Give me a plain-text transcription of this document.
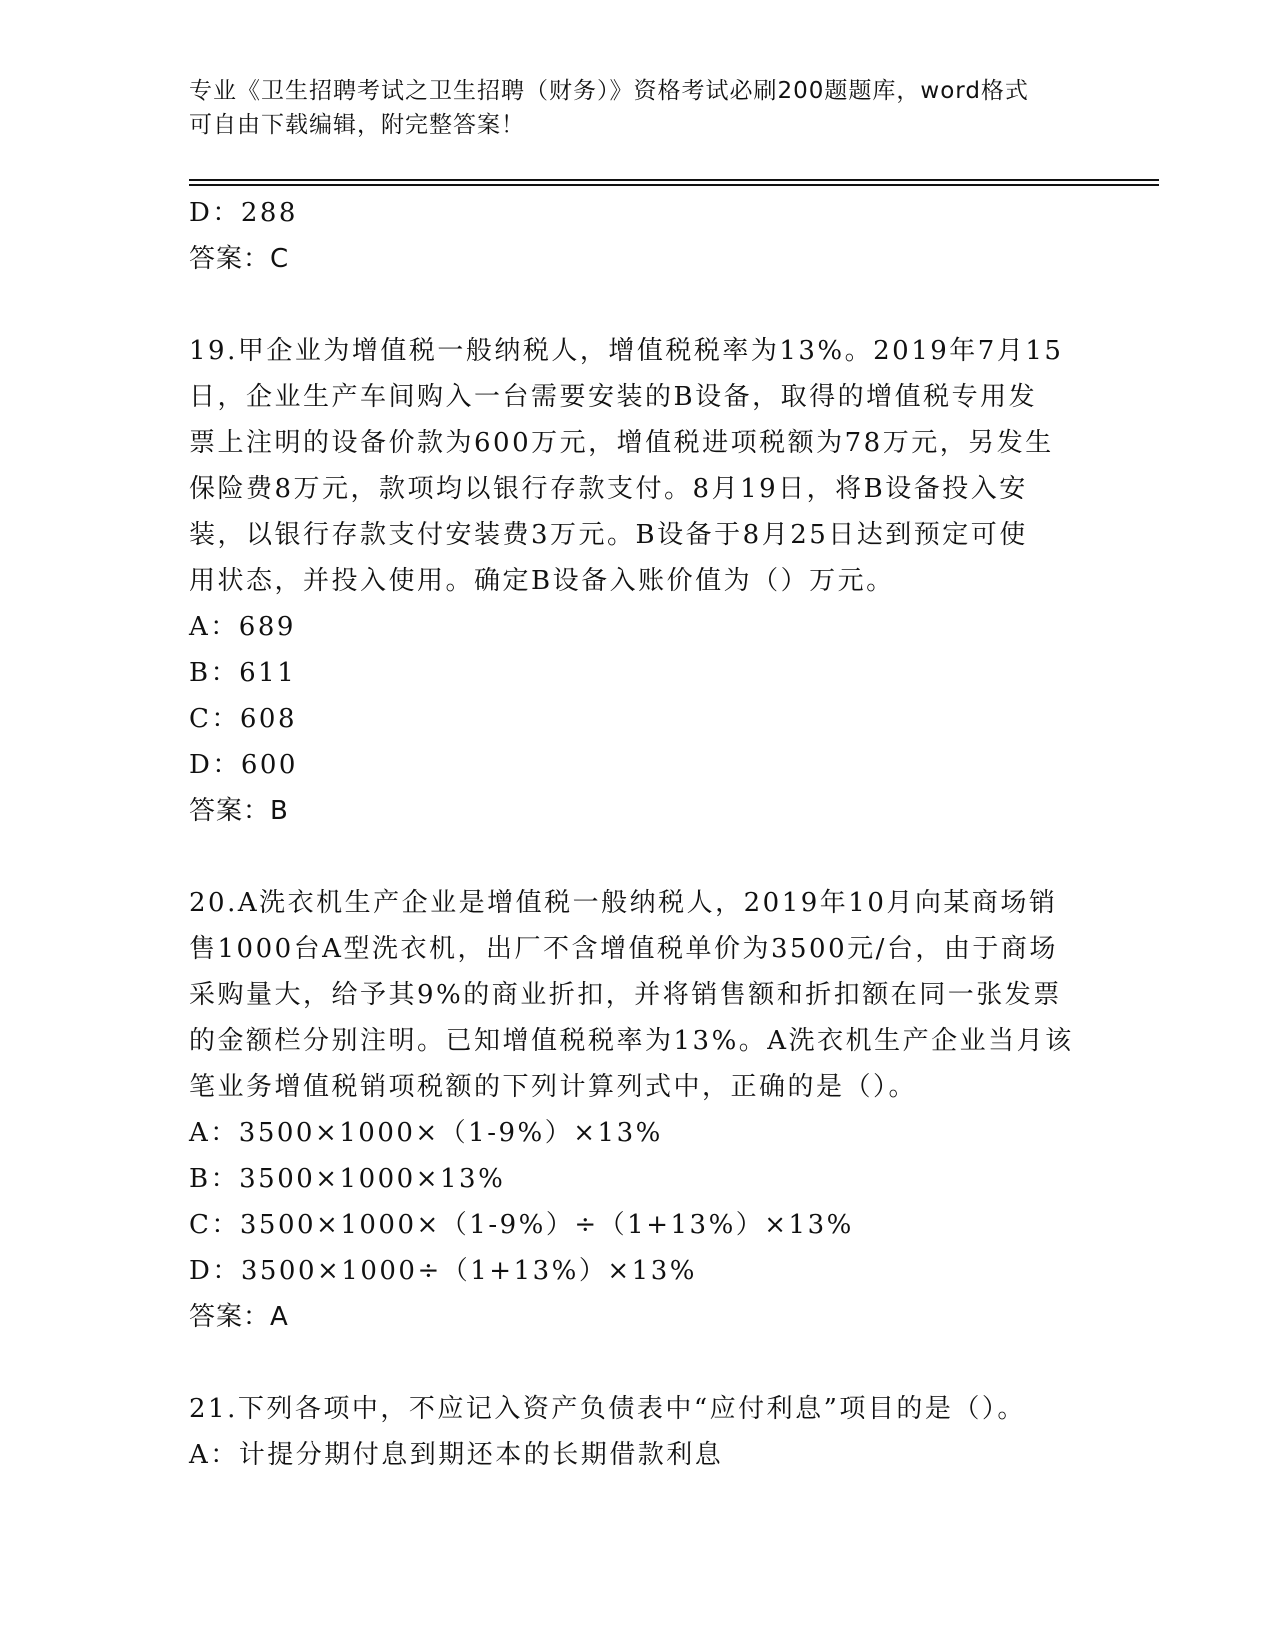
专业《卫生招聘考试之卫生招聘（财务）》资格考试必刷200题题库，word格式
可自由下载编辑，附完整答案！
D：288
答案：C
19.甲企业为增值税一般纳税人，增值税税率为13%。2019年7月15
日，企业生产车间购入一台需要安装的B设备，取得的增值税专用发
票上注明的设备价款为600万元，增值税进项税额为78万元，另发生
保险费8万元，款项均以银行存款支付。8月19日，将B设备投入安
装，以银行存款支付安装费3万元。B设备于8月25日达到预定可使
用状态，并投入使用。确定B设备入账价值为（）万元。
A：689
B：611
C：608
D：600
答案：B
20.A洗衣机生产企业是增值税一般纳税人，2019年10月向某商场销
售1000台A型洗衣机，出厂不含增值税单价为3500元/台，由于商场
采购量大，给予其9%的商业折扣，并将销售额和折扣额在同一张发票
的金额栏分别注明。已知增值税税率为13%。A洗衣机生产企业当月该
笔业务增值税销项税额的下列计算列式中，正确的是（）。
A：3500×1000×（1-9%）×13%
B：3500×1000×13%
C：3500×1000×（1-9%）÷（1+13%）×13%
D：3500×1000÷（1+13%）×13%
答案：A
21.下列各项中，不应记入资产负债表中“应付利息”项目的是（）。
A：计提分期付息到期还本的长期借款利息
